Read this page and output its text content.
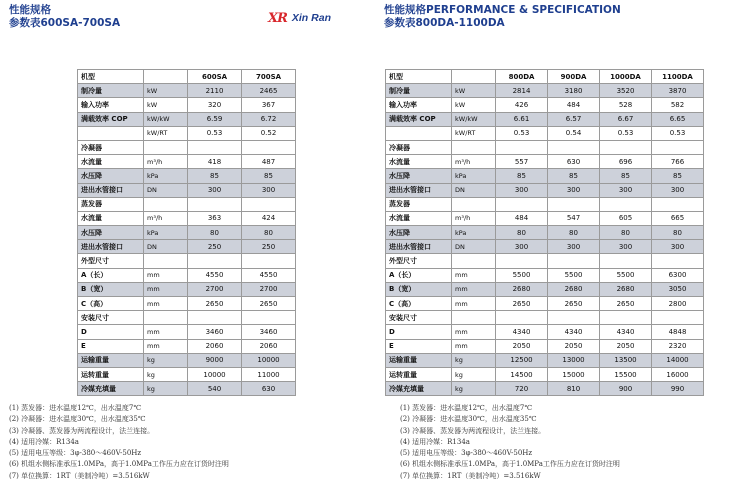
性能规格
参数表600SA-700SA	XR Xin Ran
性能规格PERFORMANCE & SPECIFICATION
参数表800DA-1100DA
机型		600SA	700SA
制冷量	kW	2110	2465
输入功率	kW	320	367
满载效率 COP	kW/kW	6.59	6.72
	kW/RT	0.53	0.52
冷凝器			
水流量	m³/h	418	487
水压降	kPa	85	85
进出水管接口	DN	300	300
蒸发器			
水流量	m³/h	363	424
水压降	kPa	80	80
进出水管接口	DN	250	250
外型尺寸			
A（长）	mm	4550	4550
B（宽）	mm	2700	2700
C（高）	mm	2650	2650
安装尺寸			
D	mm	3460	3460
E	mm	2060	2060
运输重量	kg	9000	10000
运转重量	kg	10000	11000
冷媒充填量	kg	540	630
机型		800DA	900DA	1000DA	1100DA
制冷量	kW	2814	3180	3520	3870
输入功率	kW	426	484	528	582
满载效率 COP	kW/kW	6.61	6.57	6.67	6.65
	kW/RT	0.53	0.54	0.53	0.53
冷凝器					
水流量	m³/h	557	630	696	766
水压降	kPa	85	85	85	85
进出水管接口	DN	300	300	300	300
蒸发器					
水流量	m³/h	484	547	605	665
水压降	kPa	80	80	80	80
进出水管接口	DN	300	300	300	300
外型尺寸					
A（长）	mm	5500	5500	5500	6300
B（宽）	mm	2680	2680	2680	3050
C（高）	mm	2650	2650	2650	2800
安装尺寸					
D	mm	4340	4340	4340	4848
E	mm	2050	2050	2050	2320
运输重量	kg	12500	13000	13500	14000
运转重量	kg	14500	15000	15500	16000
冷媒充填量	kg	720	810	900	990
(1) 蒸发器：进水温度12℃，出水温度7℃
(2) 冷凝器：进水温度30℃，出水温度35℃
(3) 冷凝器、蒸发器为两流程设计，法兰连接。
(4) 适用冷媒：R134a
(5) 适用电压等级：3φ-380～460V-50Hz
(6) 机组水侧标准承压1.0MPa，高于1.0MPa工作压力应在订货时注明
(7) 单位换算：1RT（美制冷吨）=3.516kW
(1) 蒸发器：进水温度12℃，出水温度7℃
(2) 冷凝器：进水温度30℃，出水温度35℃
(3) 冷凝器、蒸发器为两流程设计，法兰连接。
(4) 适用冷媒：R134a
(5) 适用电压等级：3φ-380～460V-50Hz
(6) 机组水侧标准承压1.0MPa，高于1.0MPa工作压力应在订货时注明
(7) 单位换算：1RT（美制冷吨）=3.516kW
